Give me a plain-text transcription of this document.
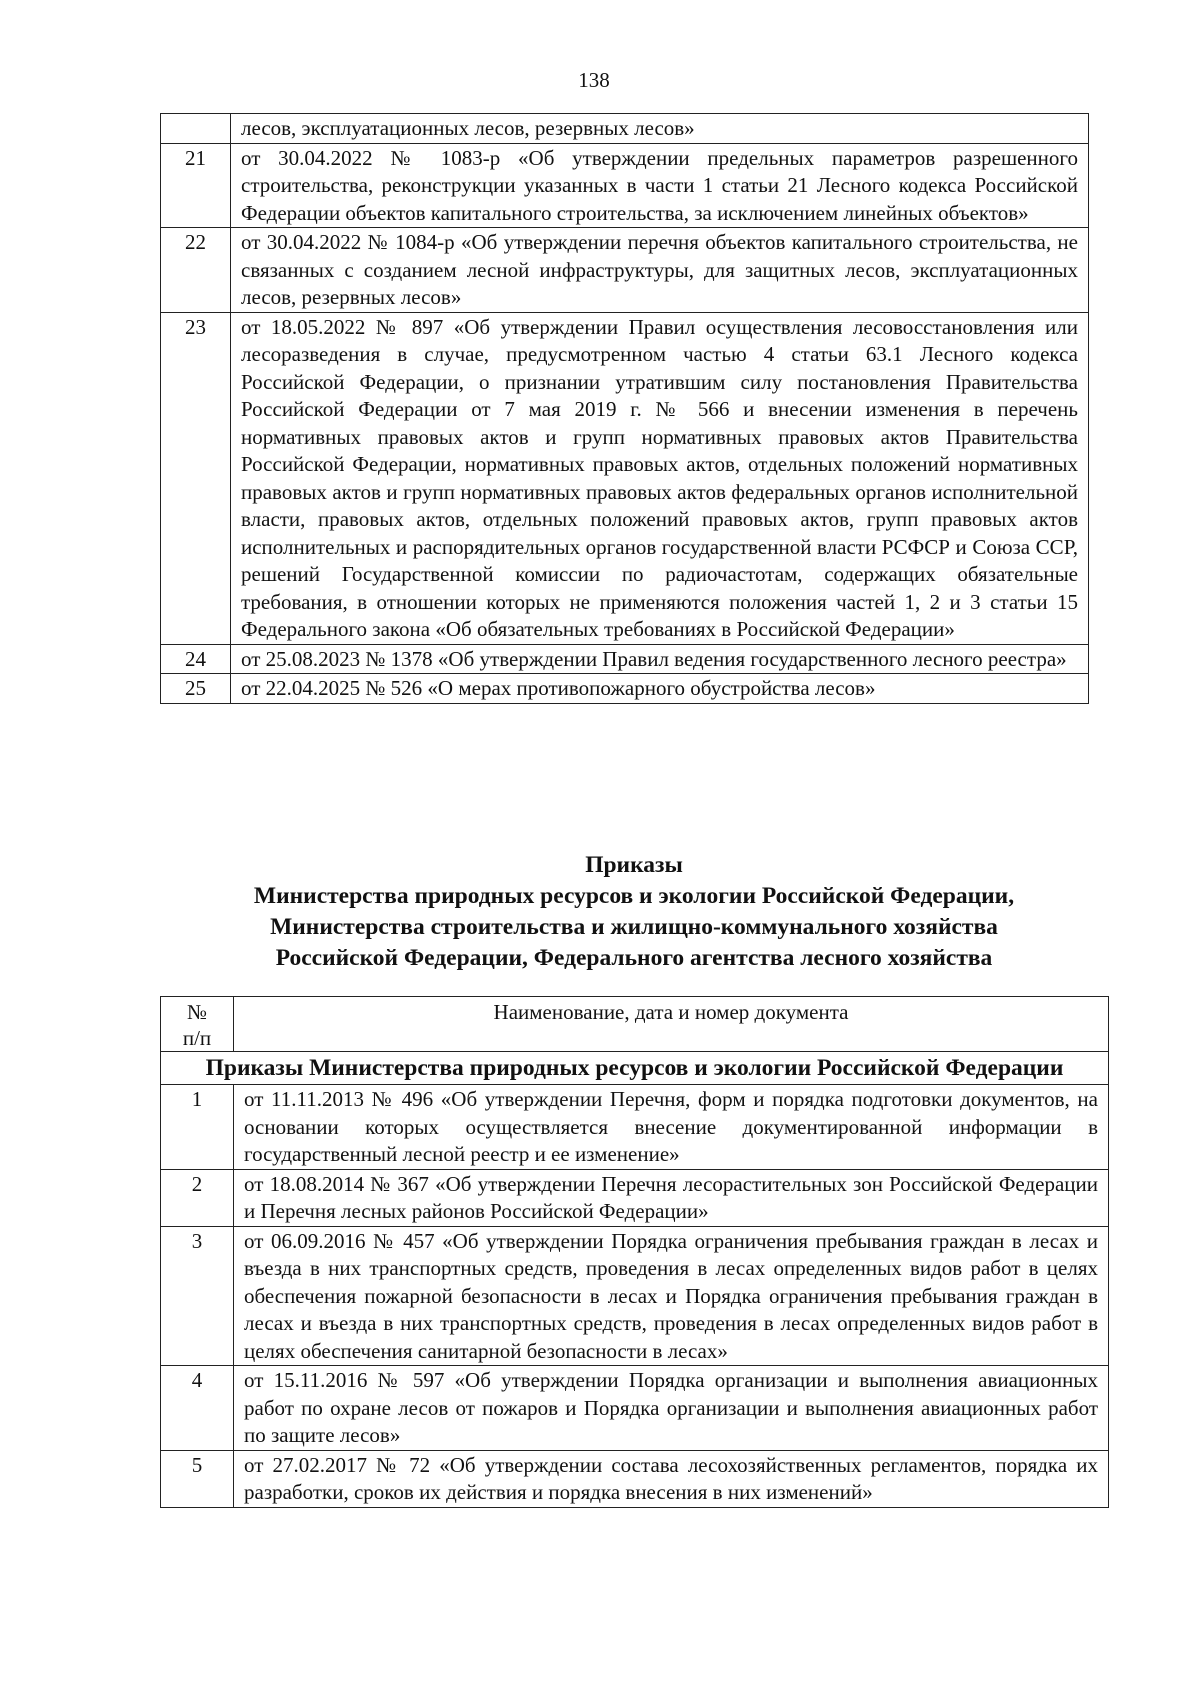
138
	лесов, эксплуатационных лесов, резервных лесов»
21	от 30.04.2022 № 1083-р «Об утверждении предельных параметров разрешенного строительства, реконструкции указанных в части 1 статьи 21 Лесного кодекса Российской Федерации объектов капитального строительства, за исключением линейных объектов»
22	от 30.04.2022 № 1084-р «Об утверждении перечня объектов капитального строительства, не связанных с созданием лесной инфраструктуры, для защитных лесов, эксплуатационных лесов, резервных лесов»
23	от 18.05.2022 № 897 «Об утверждении Правил осуществления лесовосстановления или лесоразведения в случае, предусмотренном частью 4 статьи 63.1 Лесного кодекса Российской Федерации, о признании утратившим силу постановления Правительства Российской Федерации от 7 мая 2019 г. № 566 и внесении изменения в перечень нормативных правовых актов и групп нормативных правовых актов Правительства Российской Федерации, нормативных правовых актов, отдельных положений нормативных правовых актов и групп нормативных правовых актов федеральных органов исполнительной власти, правовых актов, отдельных положений правовых актов, групп правовых актов исполнительных и распорядительных органов государственной власти РСФСР и Союза ССР, решений Государственной комиссии по радиочастотам, содержащих обязательные требования, в отношении которых не применяются положения частей 1, 2 и 3 статьи 15 Федерального закона «Об обязательных требованиях в Российской Федерации»
24	от 25.08.2023 № 1378 «Об утверждении Правил ведения государственного лесного реестра»
25	от 22.04.2025 № 526 «О мерах противопожарного обустройства лесов»
Приказы
Министерства природных ресурсов и экологии Российской Федерации,
Министерства строительства и жилищно-коммунального хозяйства
Российской Федерации, Федерального агентства лесного хозяйства
№
п/п	Наименование, дата и номер документа
Приказы Министерства природных ресурсов и экологии Российской Федерации	
1	от 11.11.2013 № 496 «Об утверждении Перечня, форм и порядка подготовки документов, на основании которых осуществляется внесение документированной информации в государственный лесной реестр и ее изменение»
2	от 18.08.2014 № 367 «Об утверждении Перечня лесорастительных зон Российской Федерации и Перечня лесных районов Российской Федерации»
3	от 06.09.2016 № 457 «Об утверждении Порядка ограничения пребывания граждан в лесах и въезда в них транспортных средств, проведения в лесах определенных видов работ в целях обеспечения пожарной безопасности в лесах и Порядка ограничения пребывания граждан в лесах и въезда в них транспортных средств, проведения в лесах определенных видов работ в целях обеспечения санитарной безопасности в лесах»
4	от 15.11.2016 № 597 «Об утверждении Порядка организации и выполнения авиационных работ по охране лесов от пожаров и Порядка организации и выполнения авиационных работ по защите лесов»
5	от 27.02.2017 № 72 «Об утверждении состава лесохозяйственных регламентов, порядка их разработки, сроков их действия и порядка внесения в них изменений»
